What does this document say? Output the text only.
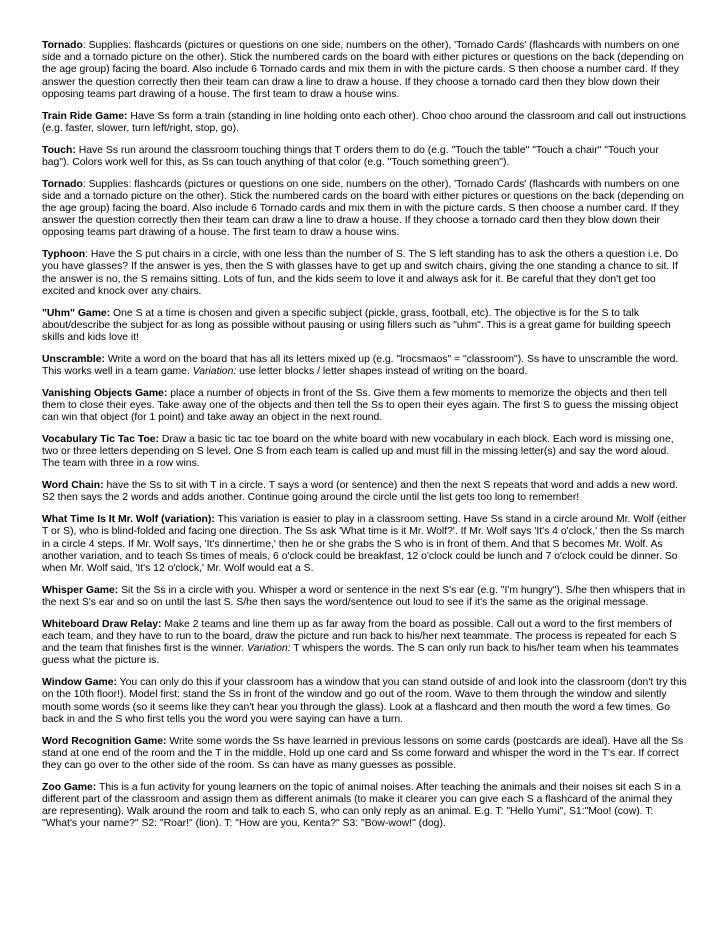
Tornado: Supplies: flashcards (pictures or questions on one side, numbers on the other), 'Tornado Cards' (flashcards with numbers on one side and a tornado picture on the other). Stick the numbered cards on the board with either pictures or questions on the back (depending on the age group) facing the board. Also include 6 Tornado cards and mix them in with the picture cards. S then choose a number card. If they answer the question correctly then their team can draw a line to draw a house. If they choose a tornado card then they blow down their opposing teams part drawing of a house. The first team to draw a house wins.

Train Ride Game: Have Ss form a train (standing in line holding onto each other). Choo choo around the classroom and call out instructions (e.g. faster, slower, turn left/right, stop, go).

Touch: Have Ss run around the classroom touching things that T orders them to do (e.g. "Touch the table" "Touch a chair" "Touch your bag"). Colors work well for this, as Ss can touch anything of that color (e.g. "Touch something green").

Tornado: Supplies: flashcards (pictures or questions on one side, numbers on the other), 'Tornado Cards' (flashcards with numbers on one side and a tornado picture on the other). Stick the numbered cards on the board with either pictures or questions on the back (depending on the age group) facing the board. Also include 6 Tornado cards and mix them in with the picture cards. S then choose a number card. If they answer the question correctly then their team can draw a line to draw a house. If they choose a tornado card then they blow down their opposing teams part drawing of a house. The first team to draw a house wins.

Typhoon: Have the S put chairs in a circle, with one less than the number of S. The S left standing has to ask the others a question i.e. Do you have glasses? If the answer is yes, then the S with glasses have to get up and switch chairs, giving the one standing a chance to sit. If the answer is no, the S remains sitting. Lots of fun, and the kids seem to love it and always ask for it. Be careful that they don't get too excited and knock over any chairs.

"Uhm" Game: One S at a time is chosen and given a specific subject (pickle, grass, football, etc). The objective is for the S to talk about/describe the subject for as long as possible without pausing or using fillers such as "uhm". This is a great game for building speech skills and kids love it!

Unscramble: Write a word on the board that has all its letters mixed up (e.g. "lrocsmaos" = "classroom"). Ss have to unscramble the word. This works well in a team game. Variation: use letter blocks / letter shapes instead of writing on the board.

Vanishing Objects Game: place a number of objects in front of the Ss. Give them a few moments to memorize the objects and then tell them to close their eyes. Take away one of the objects and then tell the Ss to open their eyes again. The first S to guess the missing object can win that object (for 1 point) and take away an object in the next round.

Vocabulary Tic Tac Toe: Draw a basic tic tac toe board on the white board with new vocabulary in each block. Each word is missing one, two or three letters depending on S level. One S from each team is called up and must fill in the missing letter(s) and say the word aloud. The team with three in a row wins.

Word Chain: have the Ss to sit with T in a circle. T says a word (or sentence) and then the next S repeats that word and adds a new word. S2 then says the 2 words and adds another. Continue going around the circle until the list gets too long to remember!

What Time Is It Mr. Wolf (variation): This variation is easier to play in a classroom setting. Have Ss stand in a circle around Mr. Wolf (either T or S), who is blind-folded and facing one direction. The Ss ask 'What time is it Mr. Wolf?'. If Mr. Wolf says 'It's 4 o'clock,' then the Ss march in a circle 4 steps. If Mr. Wolf says, 'It's dinnertime,' then he or she grabs the S who is in front of them. And that S becomes Mr. Wolf. As another variation, and to teach Ss times of meals, 6 o'clock could be breakfast, 12 o'clock could be lunch and 7 o'clock could be dinner. So when Mr. Wolf said, 'It's 12 o'clock,' Mr. Wolf would eat a S.

Whisper Game: Sit the Ss in a circle with you. Whisper a word or sentence in the next S's ear (e.g. "I'm hungry"). S/he then whispers that in the next S's ear and so on until the last S. S/he then says the word/sentence out loud to see if it's the same as the original message.

Whiteboard Draw Relay: Make 2 teams and line them up as far away from the board as possible. Call out a word to the first members of each team, and they have to run to the board, draw the picture and run back to his/her next teammate. The process is repeated for each S and the team that finishes first is the winner. Variation: T whispers the words. The S can only run back to his/her team when his teammates guess what the picture is.

Window Game: You can only do this if your classroom has a window that you can stand outside of and look into the classroom (don't try this on the 10th floor!). Model first: stand the Ss in front of the window and go out of the room. Wave to them through the window and silently mouth some words (so it seems like they can't hear you through the glass). Look at a flashcard and then mouth the word a few times. Go back in and the S who first tells you the word you were saying can have a turn.

Word Recognition Game: Write some words the Ss have learned in previous lessons on some cards (postcards are ideal). Have all the Ss stand at one end of the room and the T in the middle. Hold up one card and Ss come forward and whisper the word in the T's ear. If correct they can go over to the other side of the room. Ss can have as many guesses as possible.

Zoo Game: This is a fun activity for young learners on the topic of animal noises. After teaching the animals and their noises sit each S in a different part of the classroom and assign them as different animals (to make it clearer you can give each S a flashcard of the animal they are representing). Walk around the room and talk to each S, who can only reply as an animal. E.g. T: "Hello Yumi", S1:"Moo! (cow). T: "What's your name?" S2: "Roar!" (lion). T: "How are you, Kenta?" S3: "Bow-wow!" (dog).
